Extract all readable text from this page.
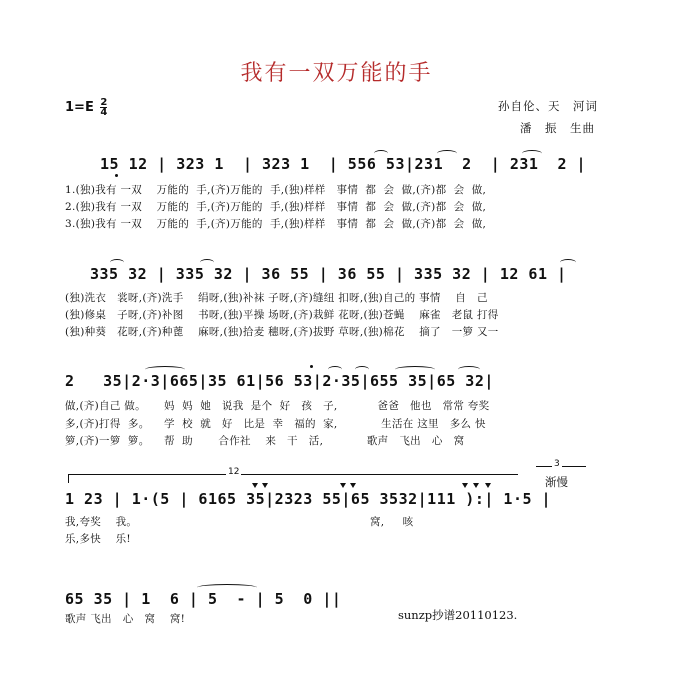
我有一双万能的手
$1=E \frac{2}{4}$	孙自伦、天　河词
潘　振　生曲
15 12 | 323 1  | 323 1  | 556 53|231  2  | 231  2 |
1.(独)我有 一双    万能的  手,(齐)万能的  手,(独)样样   事情  都  会  做,(齐)都  会  做,
2.(独)我有 一双    万能的  手,(齐)万能的  手,(独)样样   事情  都  会  做,(齐)都  会  做,
3.(独)我有 一双    万能的  手,(齐)万能的  手,(独)样样   事情  都  会  做,(齐)都  会  做,
335 32 | 335 32 | 36 55 | 36 55 | 335 32 | 12 61 |
(独)洗衣   裳呀,(齐)洗手    绢呀,(独)补袜 子呀,(齐)缝纽 扣呀,(独)自己的 事情    自   己
(独)修桌   子呀,(齐)补图    书呀,(独)平操 场呀,(齐)栽鲜 花呀,(独)苍蝇    麻雀   老鼠 打得
(独)种葵   花呀,(齐)种蓖    麻呀,(独)拾麦 穗呀,(齐)拔野 草呀,(独)棉花    摘了   一箩 又一
2   35|2·3|665|35 61|56 53|2·35|655 35|65 32|
做,(齐)自己 做。     妈  妈  她   说我  是个  好   孩   子,           爸爸   他也   常常 夸奖
多,(齐)打得  多。    学  校  就   好   比是  幸   福的  家,            生活在 这里   多么 快
箩,(齐)一箩  箩。    帮  助       合作社    来   干   活,            歌声   飞出   心   窝
12
3
渐慢
1 23 | 1·(5 | 6165 35|2323 55|65 3532|111 ):| 1·5 |
我,夸奖    我。                                                                窝,     咳
乐,多快    乐!
65 35 | 1  6 | 5  - | 5  0 ||
歌声 飞出   心   窝    窝!	sunzp抄谱20110123.
